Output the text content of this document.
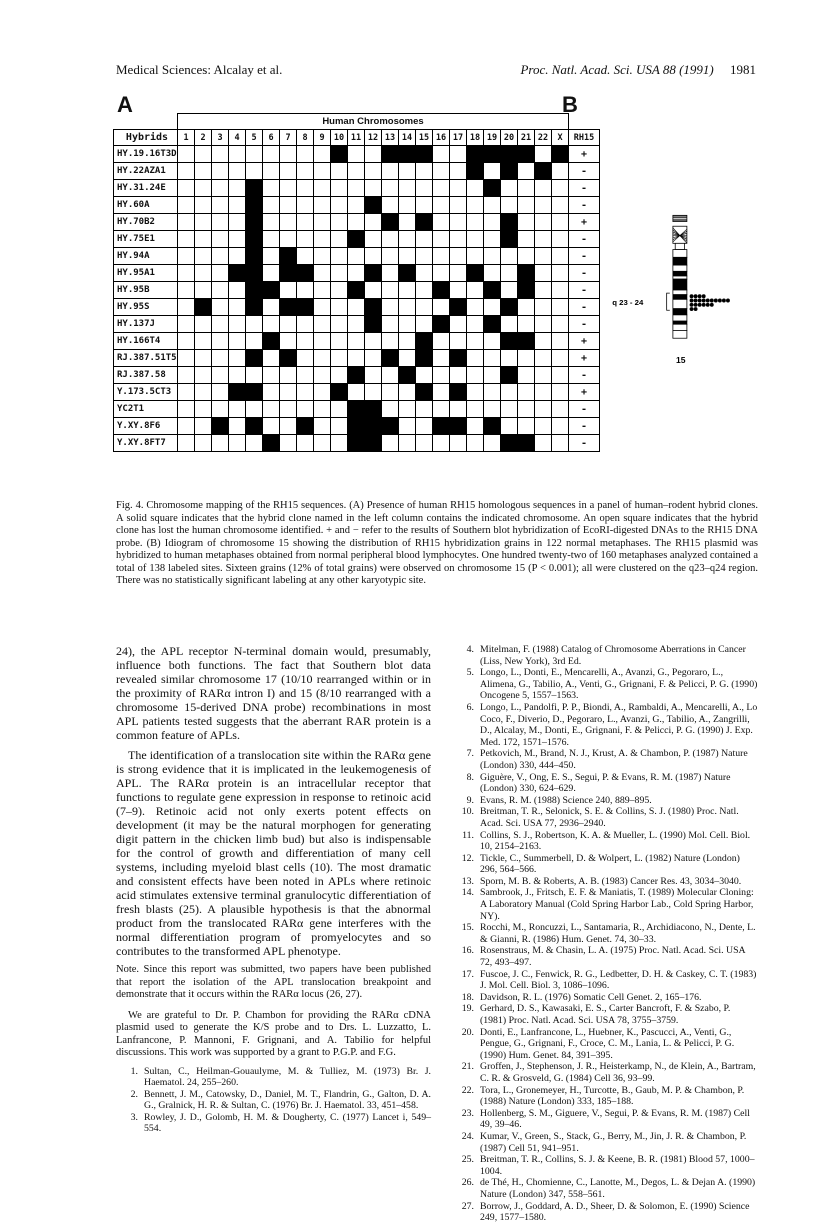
Medical Sciences: Alcalay et al.	Proc. Natl. Acad. Sci. USA 88 (1991) 1981
A	B
	Human Chromosomes																							
Hybrids	1	2	3	4	5	6	7	8	9	10	11	12	13	14	15	16	17	18	19	20	21	22	X	RH15
HY.19.16T3D																								+
HY.22AZA1																								-
HY.31.24E																								-
HY.60A																								-
HY.70B2																								+
HY.75E1																								-
HY.94A																								-
HY.95A1																								-
HY.95B																								-
HY.95S																								-
HY.137J																								-
HY.166T4																								+
RJ.387.51T5																								+
RJ.387.58																								-
Y.173.5CT3																								+
YC2T1																								-
Y.XY.8F6																								-
Y.XY.8FT7																								-
q 23 - 24
15
Fig. 4. Chromosome mapping of the RH15 sequences. (A) Presence of human RH15 homologous sequences in a panel of human–rodent hybrid clones. A solid square indicates that the hybrid clone named in the left column contains the indicated chromosome. An open square indicates that the hybrid clone has lost the human chromosome identified. + and − refer to the results of Southern blot hybridization of EcoRI-digested DNAs to the RH15 DNA probe. (B) Idiogram of chromosome 15 showing the distribution of RH15 hybridization grains in 122 normal metaphases. The RH15 plasmid was hybridized to human metaphases obtained from normal peripheral blood lymphocytes. One hundred twenty-two of 160 metaphases analyzed contained a total of 138 labeled sites. Sixteen grains (12% of total grains) were observed on chromosome 15 (P < 0.001); all were clustered on the q23–q24 region. There was no statistically significant labeling at any other karyotypic site.

24), the APL receptor N-terminal domain would, presumably, influence both functions. The fact that Southern blot data revealed similar chromosome 17 (10/10 rearranged within or in the proximity of RARα intron I) and 15 (8/10 rearranged with a chromosome 15-derived DNA probe) recombinations in most APL patients tested suggests that the aberrant RAR protein is a common feature of APLs.

The identification of a translocation site within the RARα gene is strong evidence that it is implicated in the leukemogenesis of APL. The RARα protein is an intracellular receptor that functions to regulate gene expression in response to retinoic acid (7–9). Retinoic acid not only exerts potent effects on development (it may be the natural morphogen for generating digit pattern in the chicken limb bud) but also is indispensable for the control of growth and differentiation of many cell systems, including myeloid blast cells (10). The most dramatic and consistent effects have been noted in APLs where retinoic acid stimulates extensive terminal granulocytic differentiation of fresh blasts (25). A plausible hypothesis is that the abnormal product from the translocated RARα gene interferes with the normal differentiation program of promyelocytes and so contributes to the transformed APL phenotype.

Note. Since this report was submitted, two papers have been published that report the isolation of the APL translocation breakpoint and demonstrate that it occurs within the RARα locus (26, 27).
We are grateful to Dr. P. Chambon for providing the RARα cDNA plasmid used to generate the K/S probe and to Drs. L. Luzzatto, L. Lanfrancone, P. Mannoni, F. Grignani, and A. Tabilio for helpful discussions. This work was supported by a grant to P.G.P. and F.G.
1. Sultan, C., Heilman-Gouaulyme, M. & Tulliez, M. (1973) Br. J. Haematol. 24, 255–260.
2. Bennett, J. M., Catowsky, D., Daniel, M. T., Flandrin, G., Galton, D. A. G., Gralnick, H. R. & Sultan, C. (1976) Br. J. Haematol. 33, 451–458.
3. Rowley, J. D., Golomb, H. M. & Dougherty, C. (1977) Lancet i, 549–554.
4. Mitelman, F. (1988) Catalog of Chromosome Aberrations in Cancer (Liss, New York), 3rd Ed.
5. Longo, L., Donti, E., Mencarelli, A., Avanzi, G., Pegoraro, L., Alimena, G., Tabilio, A., Venti, G., Grignani, F. & Pelicci, P. G. (1990) Oncogene 5, 1557–1563.
6. Longo, L., Pandolfi, P. P., Biondi, A., Rambaldi, A., Mencarelli, A., Lo Coco, F., Diverio, D., Pegoraro, L., Avanzi, G., Tabilio, A., Zangrilli, D., Alcalay, M., Donti, E., Grignani, F. & Pelicci, P. G. (1990) J. Exp. Med. 172, 1571–1576.
7. Petkovich, M., Brand, N. J., Krust, A. & Chambon, P. (1987) Nature (London) 330, 444–450.
8. Giguère, V., Ong, E. S., Segui, P. & Evans, R. M. (1987) Nature (London) 330, 624–629.
9. Evans, R. M. (1988) Science 240, 889–895.
10. Breitman, T. R., Selonick, S. E. & Collins, S. J. (1980) Proc. Natl. Acad. Sci. USA 77, 2936–2940.
11. Collins, S. J., Robertson, K. A. & Mueller, L. (1990) Mol. Cell. Biol. 10, 2154–2163.
12. Tickle, C., Summerbell, D. & Wolpert, L. (1982) Nature (London) 296, 564–566.
13. Sporn, M. B. & Roberts, A. B. (1983) Cancer Res. 43, 3034–3040.
14. Sambrook, J., Fritsch, E. F. & Maniatis, T. (1989) Molecular Cloning: A Laboratory Manual (Cold Spring Harbor Lab., Cold Spring Harbor, NY).
15. Rocchi, M., Roncuzzi, L., Santamaria, R., Archidiacono, N., Dente, L. & Gianni, R. (1986) Hum. Genet. 74, 30–33.
16. Rosenstraus, M. & Chasin, L. A. (1975) Proc. Natl. Acad. Sci. USA 72, 493–497.
17. Fuscoe, J. C., Fenwick, R. G., Ledbetter, D. H. & Caskey, C. T. (1983) J. Mol. Cell. Biol. 3, 1086–1096.
18. Davidson, R. L. (1976) Somatic Cell Genet. 2, 165–176.
19. Gerhard, D. S., Kawasaki, E. S., Carter Bancroft, F. & Szabo, P. (1981) Proc. Natl. Acad. Sci. USA 78, 3755–3759.
20. Donti, E., Lanfrancone, L., Huebner, K., Pascucci, A., Venti, G., Pengue, G., Grignani, F., Croce, C. M., Lania, L. & Pelicci, P. G. (1990) Hum. Genet. 84, 391–395.
21. Groffen, J., Stephenson, J. R., Heisterkamp, N., de Klein, A., Bartram, C. R. & Grosveld, G. (1984) Cell 36, 93–99.
22. Tora, L., Gronemeyer, H., Turcotte, B., Gaub, M. P. & Chambon, P. (1988) Nature (London) 333, 185–188.
23. Hollenberg, S. M., Giguere, V., Segui, P. & Evans, R. M. (1987) Cell 49, 39–46.
24. Kumar, V., Green, S., Stack, G., Berry, M., Jin, J. R. & Chambon, P. (1987) Cell 51, 941–951.
25. Breitman, T. R., Collins, S. J. & Keene, B. R. (1981) Blood 57, 1000–1004.
26. de Thé, H., Chomienne, C., Lanotte, M., Degos, L. & Dejan A. (1990) Nature (London) 347, 558–561.
27. Borrow, J., Goddard, A. D., Sheer, D. & Solomon, E. (1990) Science 249, 1577–1580.
